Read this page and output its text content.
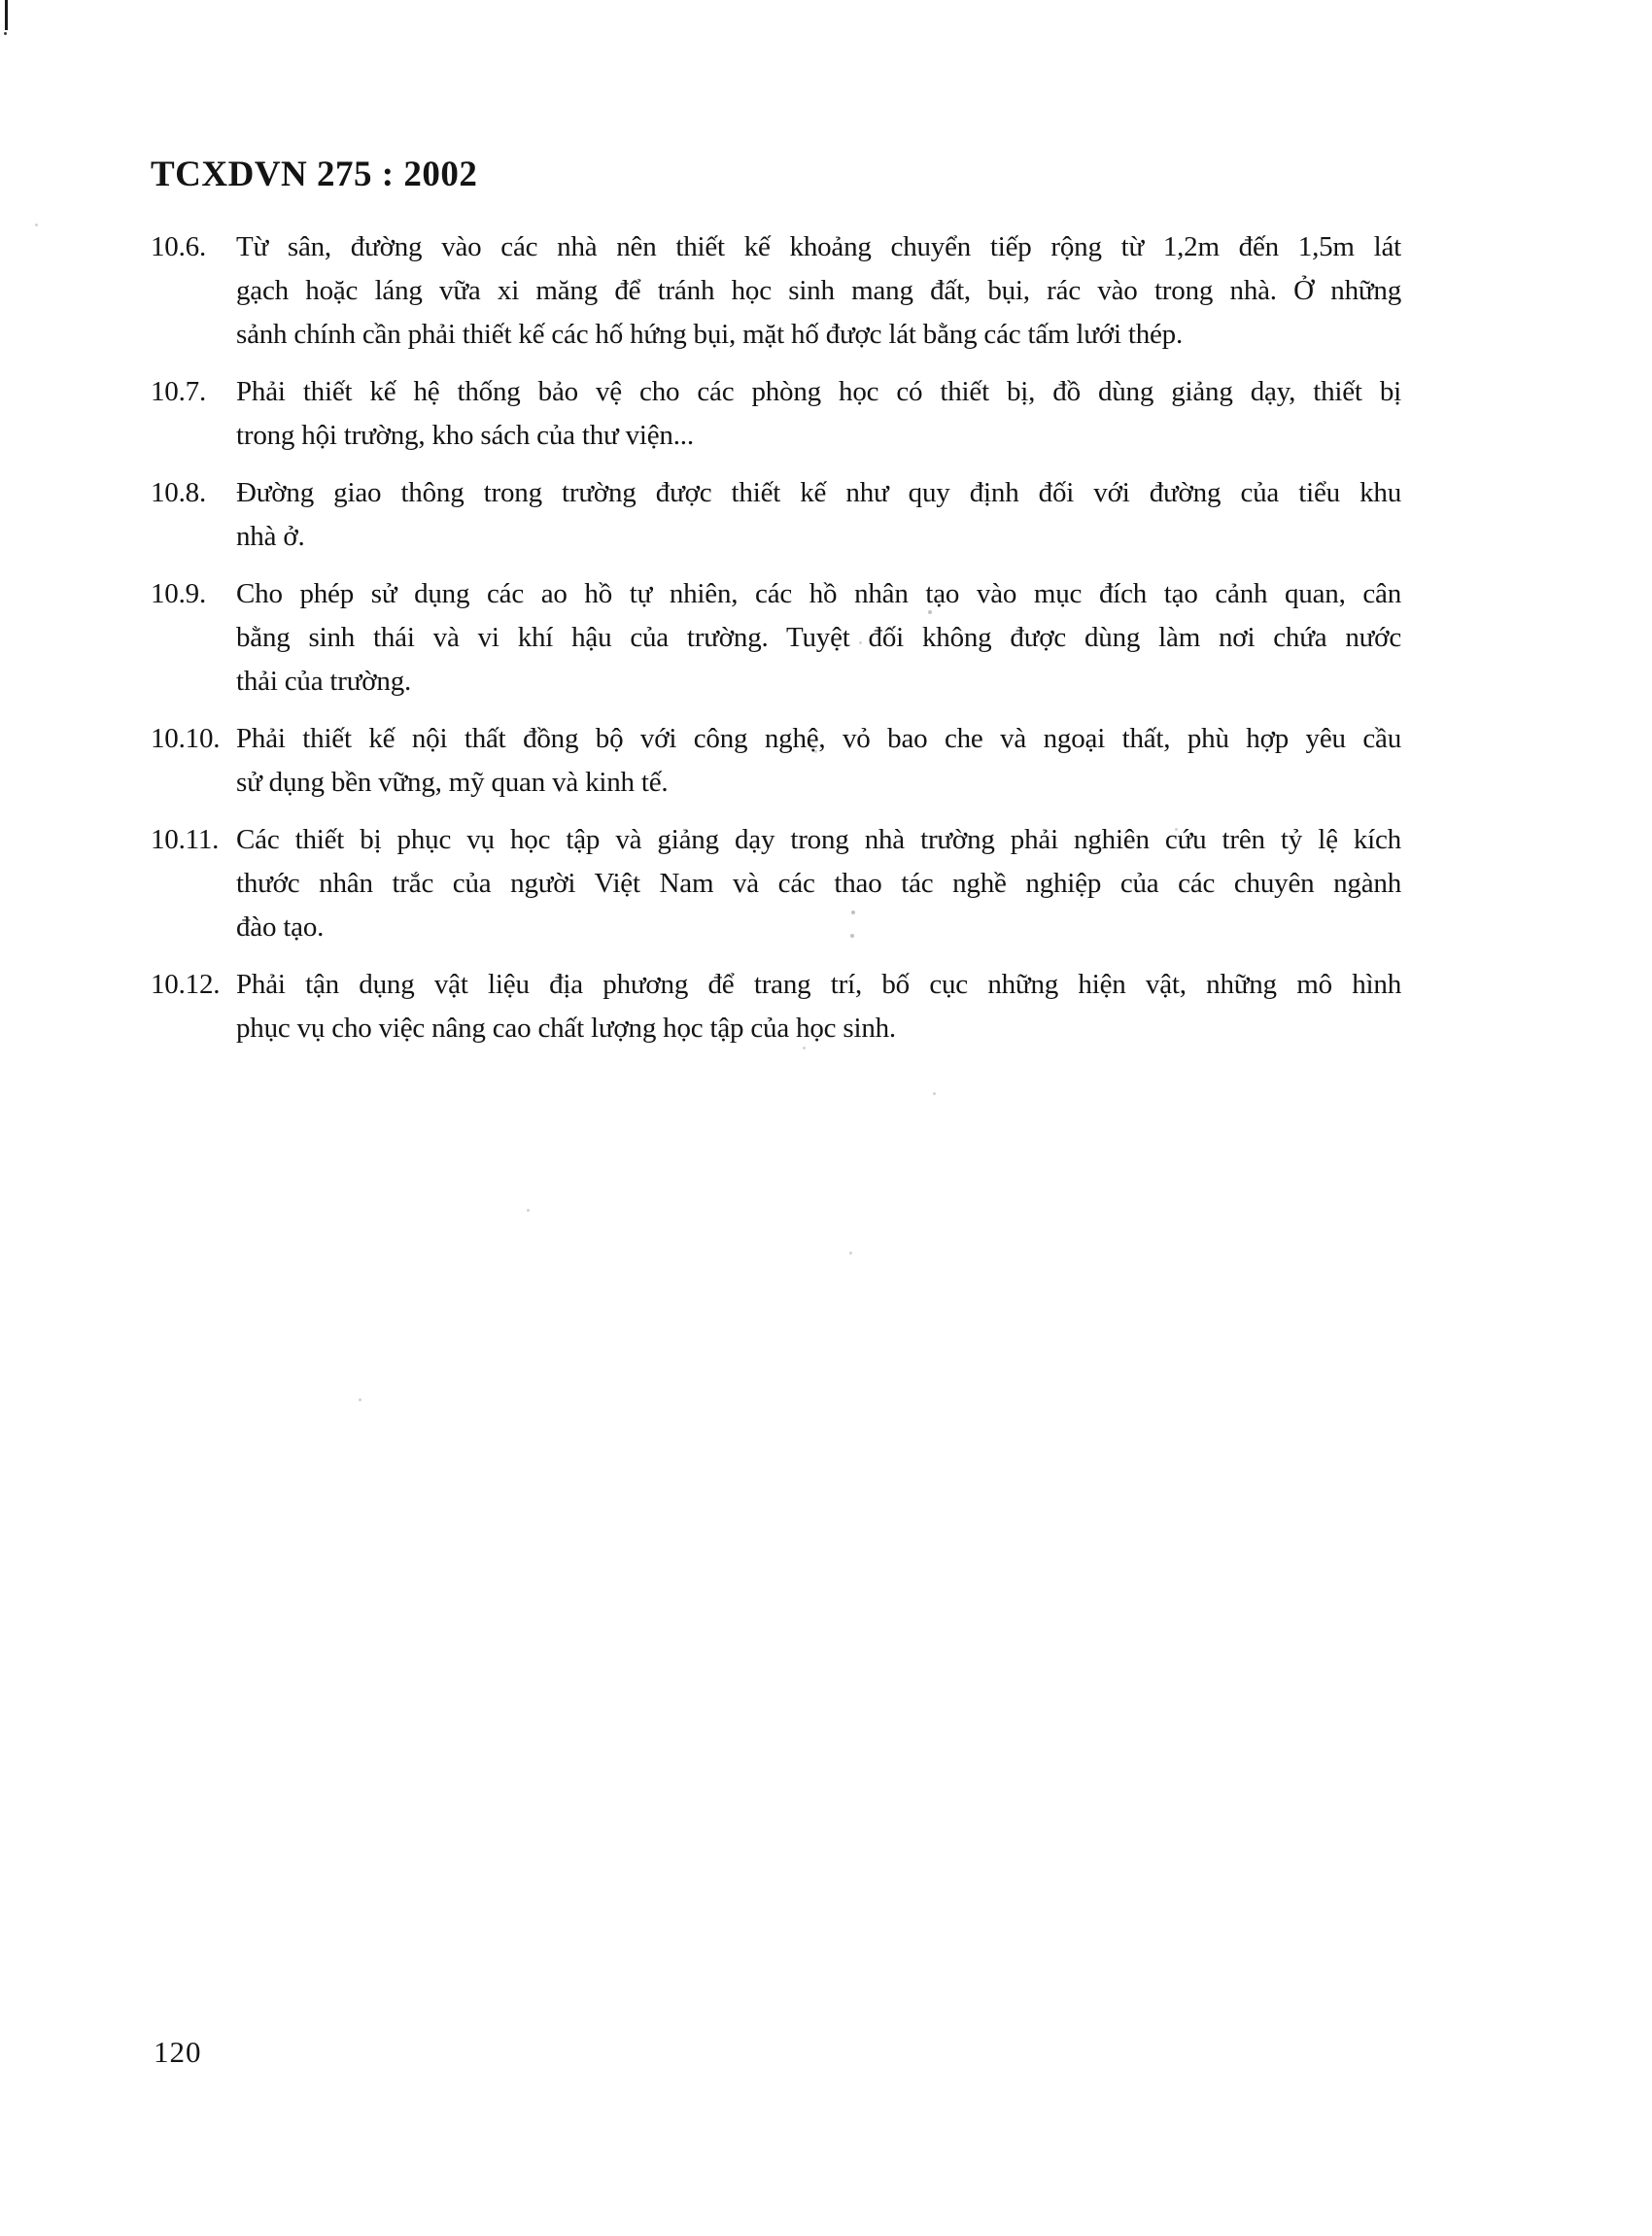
TCXDVN 275 : 2002
10.6. Từ sân, đường vào các nhà nên thiết kế khoảng chuyển tiếp rộng từ 1,2m đến 1,5m lát
gạch hoặc láng vữa xi măng để tránh học sinh mang đất, bụi, rác vào trong nhà. Ở những
sảnh chính cần phải thiết kế các hố hứng bụi, mặt hố được lát bằng các tấm lưới thép.
10.7. Phải thiết kế hệ thống bảo vệ cho các phòng học có thiết bị, đồ dùng giảng dạy, thiết bị
trong hội trường, kho sách của thư viện...
10.8. Đường giao thông trong trường được thiết kế như quy định đối với đường của tiểu khu
nhà ở.
10.9. Cho phép sử dụng các ao hồ tự nhiên, các hồ nhân tạo vào mục đích tạo cảnh quan, cân
bằng sinh thái và vi khí hậu của trường. Tuyệt đối không được dùng làm nơi chứa nước
thải của trường.
10.10. Phải thiết kế nội thất đồng bộ với công nghệ, vỏ bao che và ngoại thất, phù hợp yêu cầu
sử dụng bền vững, mỹ quan và kinh tế.
10.11. Các thiết bị phục vụ học tập và giảng dạy trong nhà trường phải nghiên cứu trên tỷ lệ kích
thước nhân trắc của người Việt Nam và các thao tác nghề nghiệp của các chuyên ngành
đào tạo.
10.12. Phải tận dụng vật liệu địa phương để trang trí, bố cục những hiện vật, những mô hình
phục vụ cho việc nâng cao chất lượng học tập của học sinh.
120
